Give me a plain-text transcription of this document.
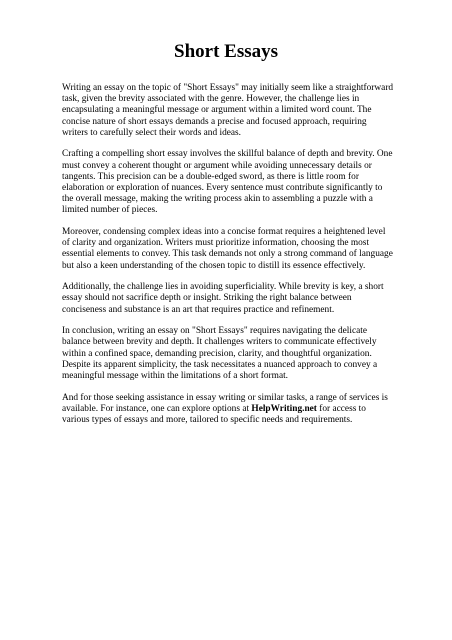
Short Essays

Writing an essay on the topic of "Short Essays" may initially seem like a straightforward task, given the brevity associated with the genre. However, the challenge lies in encapsulating a meaningful message or argument within a limited word count. The concise nature of short essays demands a precise and focused approach, requiring writers to carefully select their words and ideas.

Crafting a compelling short essay involves the skillful balance of depth and brevity. One must convey a coherent thought or argument while avoiding unnecessary details or tangents. This precision can be a double-edged sword, as there is little room for elaboration or exploration of nuances. Every sentence must contribute significantly to the overall message, making the writing process akin to assembling a puzzle with a limited number of pieces.

Moreover, condensing complex ideas into a concise format requires a heightened level of clarity and organization. Writers must prioritize information, choosing the most essential elements to convey. This task demands not only a strong command of language but also a keen understanding of the chosen topic to distill its essence effectively.

Additionally, the challenge lies in avoiding superficiality. While brevity is key, a short essay should not sacrifice depth or insight. Striking the right balance between conciseness and substance is an art that requires practice and refinement.

In conclusion, writing an essay on "Short Essays" requires navigating the delicate balance between brevity and depth. It challenges writers to communicate effectively within a confined space, demanding precision, clarity, and thoughtful organization. Despite its apparent simplicity, the task necessitates a nuanced approach to convey a meaningful message within the limitations of a short format.

And for those seeking assistance in essay writing or similar tasks, a range of services is available. For instance, one can explore options at HelpWriting.net for access to various types of essays and more, tailored to specific needs and requirements.
